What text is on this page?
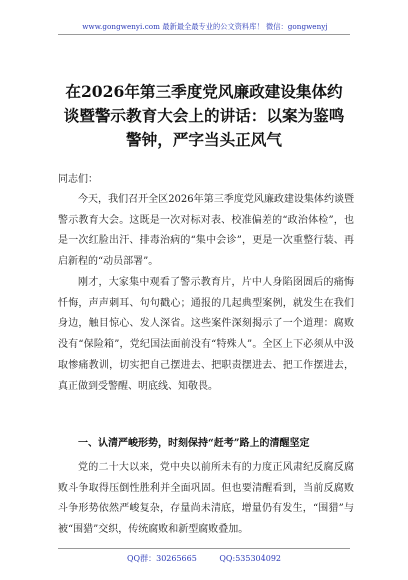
www.gongwenyi.com 最新最全最专业的公文资料库！ 微信：gongwenyj
在2026年第三季度党风廉政建设集体约
谈暨警示教育大会上的讲话：以案为鉴鸣
警钟，严字当头正风气
同志们：
今天，我们召开全区2026年第三季度党风廉政建设集体约谈暨警示教育大会。这既是一次对标对表、校准偏差的“政治体检”，也是一次红脸出汗、排毒治病的“集中会诊”，更是一次重整行装、再启新程的“动员部署”。
刚才，大家集中观看了警示教育片，片中人身陷囹圄后的痛悔忏悔，声声刺耳、句句戳心；通报的几起典型案例，就发生在我们身边，触目惊心、发人深省。这些案件深刻揭示了一个道理：腐败没有“保险箱”，党纪国法面前没有“特殊人”。全区上下必须从中汲取惨痛教训，切实把自己摆进去、把职责摆进去、把工作摆进去，真正做到受警醒、明底线、知敬畏。
一、认清严峻形势，时刻保持“赶考”路上的清醒坚定
党的二十大以来，党中央以前所未有的力度正风肃纪反腐反腐败斗争取得压倒性胜利并全面巩固。但也要清醒看到，当前反腐败斗争形势依然严峻复杂，存量尚未清底，增量仍有发生，“围猎”与被“围猎”交织，传统腐败和新型腐败叠加。
QQ群：30265665	QQ:535304092
